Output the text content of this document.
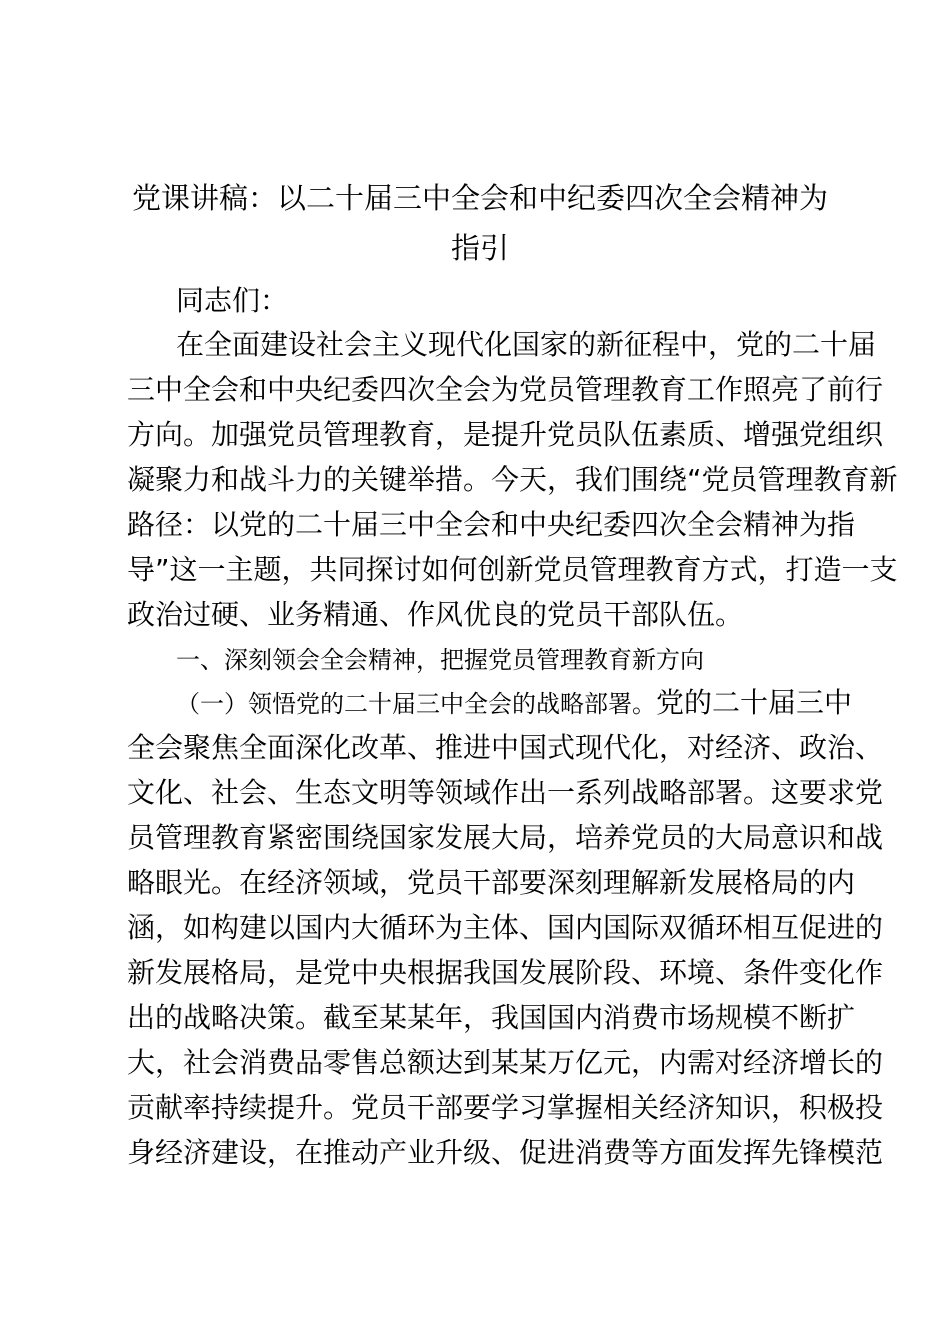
党课讲稿：以二十届三中全会和中纪委四次全会精神为
指引
同志们：
在全面建设社会主义现代化国家的新征程中，党的二十届
三中全会和中央纪委四次全会为党员管理教育工作照亮了前行
方向。加强党员管理教育，是提升党员队伍素质、增强党组织
凝聚力和战斗力的关键举措。今天，我们围绕“党员管理教育新
路径：以党的二十届三中全会和中央纪委四次全会精神为指
导”这一主题，共同探讨如何创新党员管理教育方式，打造一支
政治过硬、业务精通、作风优良的党员干部队伍。
一、深刻领会全会精神，把握党员管理教育新方向
（一）领悟党的二十届三中全会的战略部署。党的二十届三中
全会聚焦全面深化改革、推进中国式现代化，对经济、政治、
文化、社会、生态文明等领域作出一系列战略部署。这要求党
员管理教育紧密围绕国家发展大局，培养党员的大局意识和战
略眼光。在经济领域，党员干部要深刻理解新发展格局的内
涵，如构建以国内大循环为主体、国内国际双循环相互促进的
新发展格局，是党中央根据我国发展阶段、环境、条件变化作
出的战略决策。截至某某年，我国国内消费市场规模不断扩
大，社会消费品零售总额达到某某万亿元，内需对经济增长的
贡献率持续提升。党员干部要学习掌握相关经济知识，积极投
身经济建设，在推动产业升级、促进消费等方面发挥先锋模范
